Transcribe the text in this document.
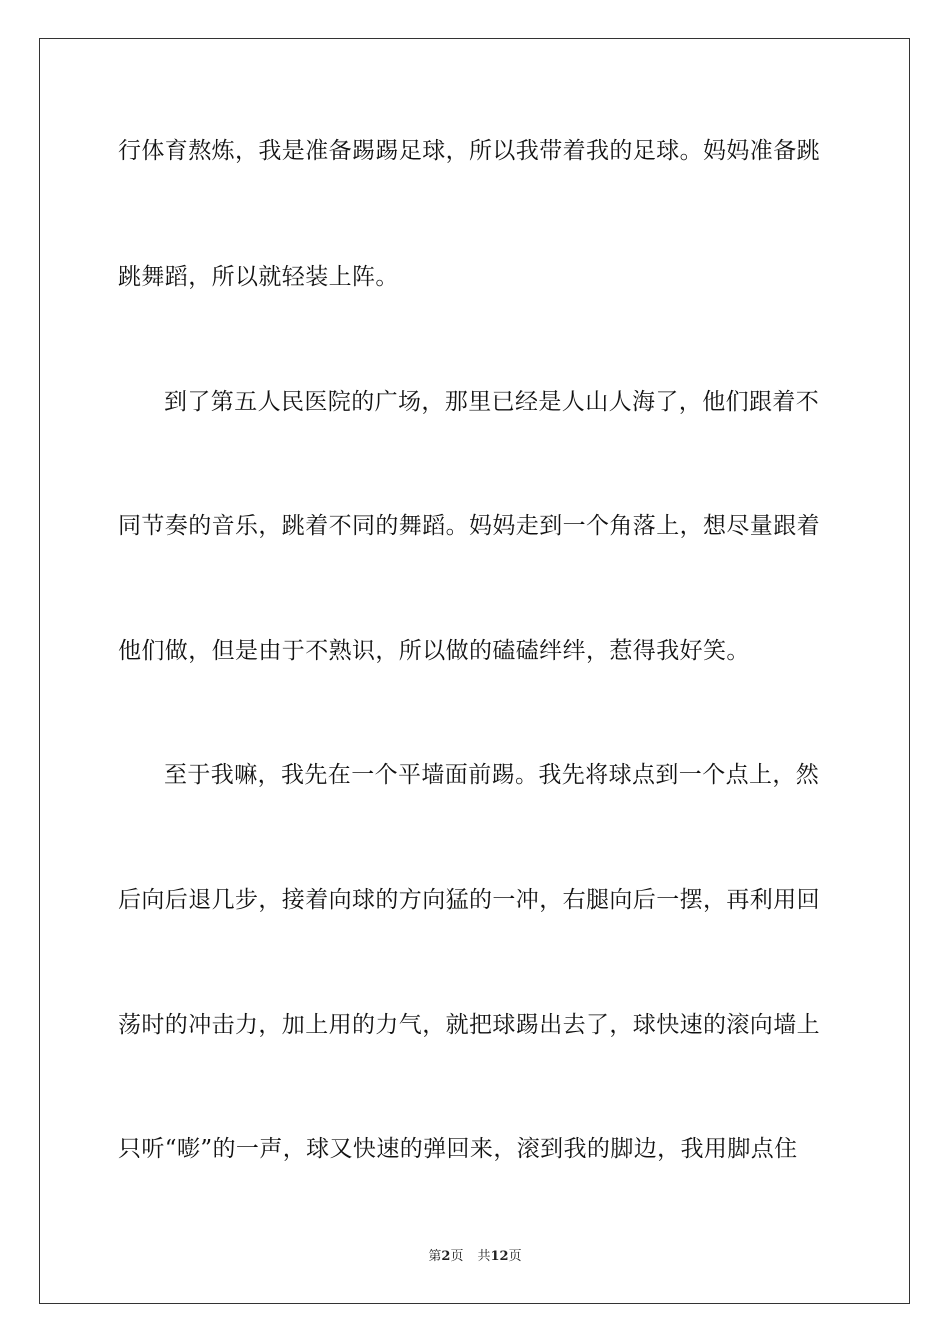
行体育熬炼，我是准备踢踢足球，所以我带着我的足球。妈妈准备跳
跳舞蹈，所以就轻装上阵。
到了第五人民医院的广场，那里已经是人山人海了，他们跟着不
同节奏的音乐，跳着不同的舞蹈。妈妈走到一个角落上，想尽量跟着
他们做，但是由于不熟识，所以做的磕磕绊绊，惹得我好笑。
至于我嘛，我先在一个平墙面前踢。我先将球点到一个点上，然
后向后退几步，接着向球的方向猛的一冲，右腿向后一摆，再利用回
荡时的冲击力，加上用的力气，就把球踢出去了，球快速的滚向墙上
只听“嘭”的一声，球又快速的弹回来，滚到我的脚边，我用脚点住
第2页 共12页
